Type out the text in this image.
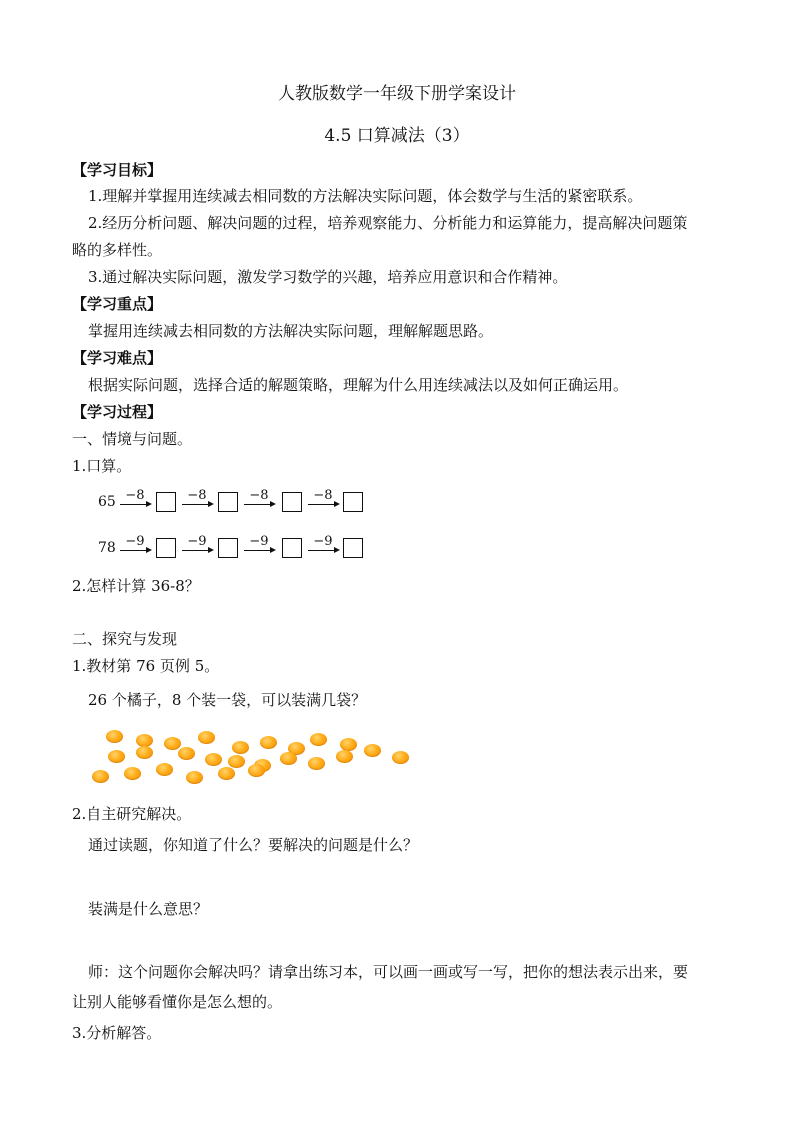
人教版数学一年级下册学案设计
4.5 口算减法（3）
【学习目标】
1.理解并掌握用连续减去相同数的方法解决实际问题，体会数学与生活的紧密联系。
2.经历分析问题、解决问题的过程，培养观察能力、分析能力和运算能力，提高解决问题策
略的多样性。
3.通过解决实际问题，激发学习数学的兴趣，培养应用意识和合作精神。
【学习重点】
掌握用连续减去相同数的方法解决实际问题，理解解题思路。
【学习难点】
根据实际问题，选择合适的解题策略，理解为什么用连续减法以及如何正确运用。
【学习过程】
一、情境与问题。
1.口算。
65 −8	−8	−8	−8
78 −9	−9	−9	−9
2.怎样计算 36-8？
二、探究与发现
1.教材第 76 页例 5。
26 个橘子，8 个装一袋，可以装满几袋？
2.自主研究解决。
通过读题，你知道了什么？要解决的问题是什么？
装满是什么意思？
师：这个问题你会解决吗？请拿出练习本，可以画一画或写一写，把你的想法表示出来，要
让别人能够看懂你是怎么想的。
3.分析解答。
